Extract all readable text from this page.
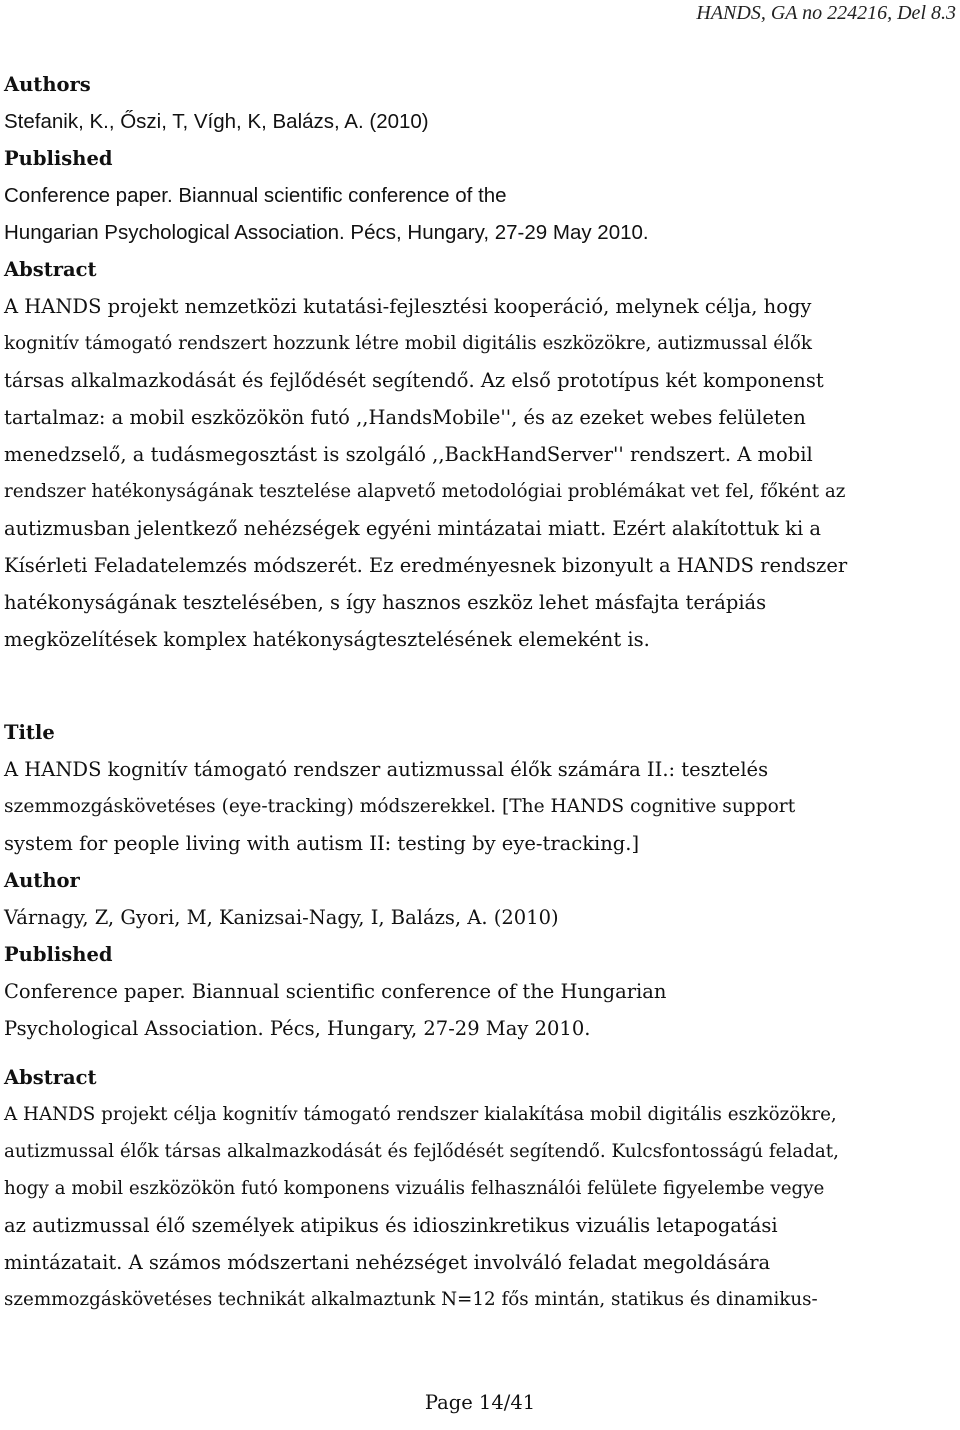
HANDS, GA no 224216, Del 8.3

Authors

Stefanik, K., Őszi, T, Vígh, K, Balázs, A. (2010)

Published

Conference paper. Biannual scientific conference of the

Hungarian Psychological Association. Pécs, Hungary, 27-29 May 2010.

Abstract

A HANDS projekt nemzetközi kutatási-fejlesztési kooperáció, melynek célja, hogy

kognitív támogató rendszert hozzunk létre mobil digitális eszközökre, autizmussal élők

társas alkalmazkodását és fejlődését segítendő. Az első prototípus két komponenst

tartalmaz: a mobil eszközökön futó ,,HandsMobile'', és az ezeket webes felületen

menedzselő, a tudásmegosztást is szolgáló ,,BackHandServer'' rendszert. A mobil

rendszer hatékonyságának tesztelése alapvető metodológiai problémákat vet fel, főként az

autizmusban jelentkező nehézségek egyéni mintázatai miatt. Ezért alakítottuk ki a

Kísérleti Feladatelemzés módszerét. Ez eredményesnek bizonyult a HANDS rendszer

hatékonyságának tesztelésében, s így hasznos eszköz lehet másfajta terápiás

megközelítések komplex hatékonyságtesztelésének elemeként is.

Title

A HANDS kognitív támogató rendszer autizmussal élők számára II.: tesztelés

szemmozgáskövetéses (eye-tracking) módszerekkel. [The HANDS cognitive support

system for people living with autism II: testing by eye-tracking.]

Author

Várnagy, Z, Gyori, M, Kanizsai-Nagy, I, Balázs, A. (2010)

Published

Conference paper. Biannual scientific conference of the Hungarian

Psychological Association. Pécs, Hungary, 27-29 May 2010.

Abstract

A HANDS projekt célja kognitív támogató rendszer kialakítása mobil digitális eszközökre,

autizmussal élők társas alkalmazkodását és fejlődését segítendő. Kulcsfontosságú feladat,

hogy a mobil eszközökön futó komponens vizuális felhasználói felülete figyelembe vegye

az autizmussal élő személyek atipikus és idioszinkretikus vizuális letapogatási

mintázatait. A számos módszertani nehézséget involváló feladat megoldására

szemmozgáskövetéses technikát alkalmaztunk N=12 fős mintán, statikus és dinamikus-

Page 14/41
